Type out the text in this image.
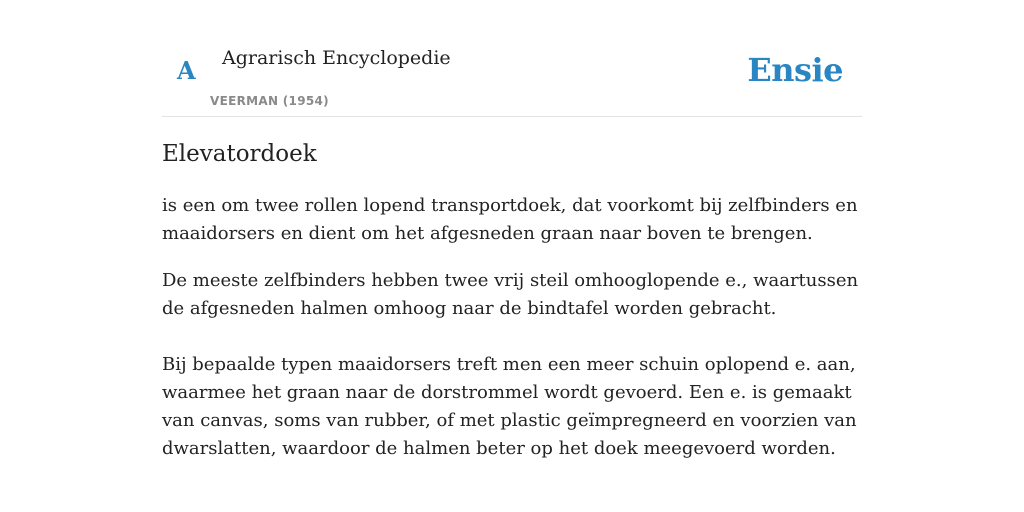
A Agrarisch Encyclopedie
VEERMAN (1954)
Ensie
Elevatordoek

is een om twee rollen lopend transportdoek, dat voorkomt bij zelfbinders en maaidorsers en dient om het afgesneden graan naar boven te brengen.

De meeste zelfbinders hebben twee vrij steil omhooglopende e., waartussen de afgesneden halmen omhoog naar de bindtafel worden gebracht.

Bij bepaalde typen maaidorsers treft men een meer schuin oplopend e. aan, waarmee het graan naar de dorstrommel wordt gevoerd. Een e. is gemaakt van canvas, soms van rubber, of met plastic geïmpregneerd en voorzien van dwarslatten, waardoor de halmen beter op het doek meegevoerd worden.
